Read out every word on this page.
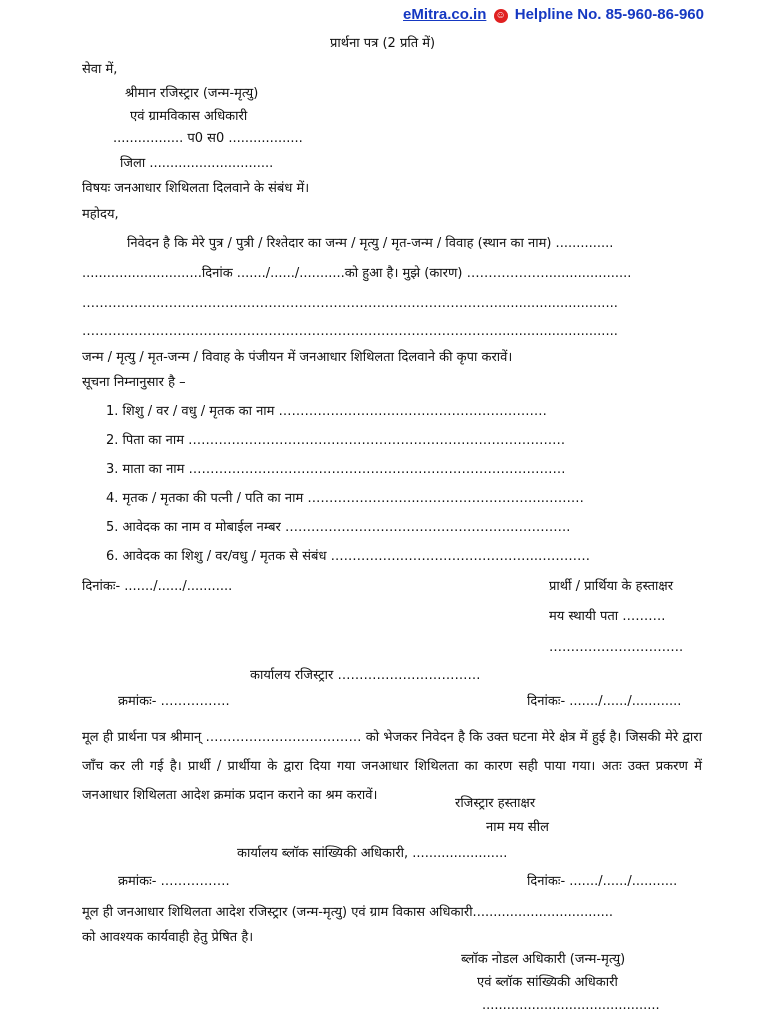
eMitra.co.in ☺ Helpline No. 85-960-86-960
प्रार्थना पत्र (2 प्रति में)
सेवा में,
श्रीमान रजिस्ट्रार (जन्म-मृत्यु)
एवं ग्रामविकास अधिकारी
................. प0 स0 ..................
जिला ..............................
विषयः जनआधार शिथिलता दिलवाने के संबंध में।
महोदय,
निवेदन है कि मेरे पुत्र / पुत्री / रिश्तेदार का जन्म / मृत्यु / मृत-जन्म / विवाह (स्थान का नाम) ..............
.............................दिनांक ......./....../...........को हुआ है। मुझे (कारण) ……………….....................
…………………………………………………………………………………….............................
…………………………………………………………………………………….............................
जन्म / मृत्यु / मृत-जन्म / विवाह के पंजीयन में जनआधार शिथिलता दिलवाने की कृपा करावें।
सूचना निम्नानुसार है –
1. शिशु / वर / वधु / मृतक का नाम ……………………..………………………………
2. पिता का नाम ……………………………………………………………………………
3. माता का नाम ……………………………………………………………………………
4. मृतक / मृतका की पत्नी / पति का नाम ……………………..………………………..………
5. आवेदक का नाम व मोबाईल नम्बर ……………………………………………..………….
6. आवेदक का शिशु / वर/वधु / मृतक से संबंध …………….…………………………..…………
दिनांकः- ......./....../...........	प्रार्थी / प्रार्थिया के हस्ताक्षर
मय स्थायी पता ……….
………………………….
कार्यालय रजिस्ट्रार ……………………………
क्रमांकः- …………….	दिनांकः- ......./....../............
मूल ही प्रार्थना पत्र श्रीमान् ……………………………… को भेजकर निवेदन है कि उक्त घटना मेरे क्षेत्र में हुई है। जिसकी मेरे द्वारा जाँच कर ली गई है। प्रार्थी / प्रार्थीया के द्वारा दिया गया जनआधार शिथिलता का कारण सही पाया गया। अतः उक्त प्रकरण में जनआधार शिथिलता आदेश क्रमांक प्रदान कराने का श्रम करावें।
रजिस्ट्रार हस्ताक्षर
नाम मय सील
कार्यालय ब्लॉक सांख्यिकी अधिकारी, .......................
क्रमांकः- …………….	दिनांकः- ......./....../...........
मूल ही जनआधार शिथिलता आदेश रजिस्ट्रार (जन्म-मृत्यु) एवं ग्राम विकास अधिकारी..................................
को आवश्यक कार्यवाही हेतु प्रेषित है।
ब्लॉक नोडल अधिकारी (जन्म-मृत्यु)
एवं ब्लॉक सांख्यिकी अधिकारी
...........................................
